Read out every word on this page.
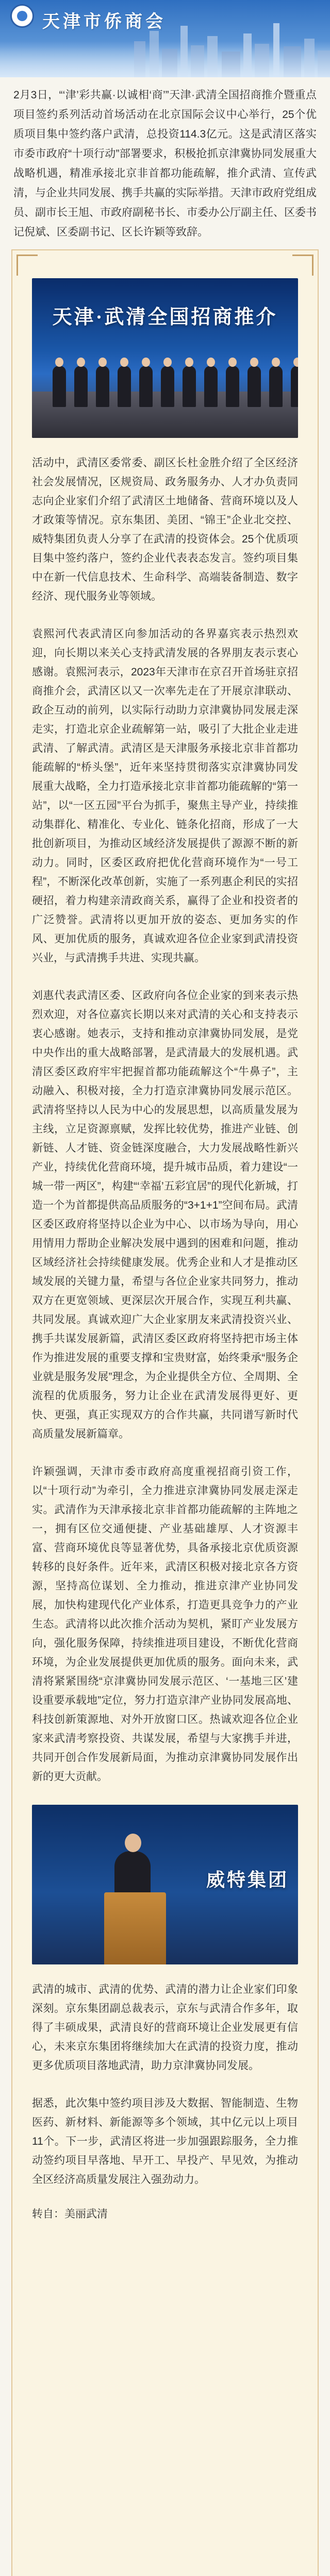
天津市侨商会
2月3日，“‘津’彩共赢·以诚相‘商’”天津·武清全国招商推介暨重点项目签约系列活动首场活动在北京国际会议中心举行，25个优质项目集中签约落户武清，总投资114.3亿元。这是武清区落实市委市政府“十项行动”部署要求，积极抢抓京津冀协同发展重大战略机遇，精准承接北京非首都功能疏解，推介武清、宣传武清，与企业共同发展、携手共赢的实际举措。天津市政府党组成员、副市长王旭、市政府副秘书长、市委办公厅副主任、区委书记倪斌、区委副书记、区长许颖等致辞。
天津·武清全国招商推介

活动中，武清区委常委、副区长杜金胜介绍了全区经济社会发展情况，区规资局、政务服务办、人才办负责同志向企业家们介绍了武清区土地储备、营商环境以及人才政策等情况。京东集团、美团、“锦王”企业北交控、威特集团负责人分享了在武清的投资体会。25个优质项目集中签约落户，签约企业代表表态发言。签约项目集中在新一代信息技术、生命科学、高端装备制造、数字经济、现代服务业等领域。

袁熙河代表武清区向参加活动的各界嘉宾表示热烈欢迎，向长期以来关心支持武清发展的各界朋友表示衷心感谢。袁熙河表示，2023年天津市在京召开首场驻京招商推介会，武清区以又一次率先走在了开展京津联动、政企互动的前列，以实际行动助力京津冀协同发展走深走实，打造北京企业疏解第一站，吸引了大批企业走进武清、了解武清。武清区是天津服务承接北京非首都功能疏解的“桥头堡”，近年来坚持贯彻落实京津冀协同发展重大战略，全力打造承接北京非首都功能疏解的“第一站”，以“一区五园”平台为抓手，聚焦主导产业，持续推动集群化、精准化、专业化、链条化招商，形成了一大批创新项目，为推动区域经济发展提供了源源不断的新动力。同时，区委区政府把优化营商环境作为“一号工程”，不断深化改革创新，实施了一系列惠企利民的实招硬招，着力构建亲清政商关系，赢得了企业和投资者的广泛赞誉。武清将以更加开放的姿态、更加务实的作风、更加优质的服务，真诚欢迎各位企业家到武清投资兴业，与武清携手共进、实现共赢。

刘惠代表武清区委、区政府向各位企业家的到来表示热烈欢迎，对各位嘉宾长期以来对武清的关心和支持表示衷心感谢。她表示，支持和推动京津冀协同发展，是党中央作出的重大战略部署，是武清最大的发展机遇。武清区委区政府牢牢把握首都功能疏解这个“牛鼻子”，主动融入、积极对接，全力打造京津冀协同发展示范区。武清将坚持以人民为中心的发展思想，以高质量发展为主线，立足资源禀赋，发挥比较优势，推进产业链、创新链、人才链、资金链深度融合，大力发展战略性新兴产业，持续优化营商环境，提升城市品质，着力建设“一城一带一两区”，构建“‘幸福’五彩宜居”的现代化新城，打造一个为首都提供高品质服务的“3+1+1”空间布局。武清区委区政府将坚持以企业为中心、以市场为导向，用心用情用力帮助企业解决发展中遇到的困难和问题，推动区域经济社会持续健康发展。优秀企业和人才是推动区域发展的关键力量，希望与各位企业家共同努力，推动双方在更宽领域、更深层次开展合作，实现互利共赢、共同发展。真诚欢迎广大企业家朋友来武清投资兴业、携手共谋发展新篇，武清区委区政府将坚持把市场主体作为推进发展的重要支撑和宝贵财富，始终秉承“服务企业就是服务发展”理念，为企业提供全方位、全周期、全流程的优质服务，努力让企业在武清发展得更好、更快、更强，真正实现双方的合作共赢，共同谱写新时代高质量发展新篇章。

许颖强调，天津市委市政府高度重视招商引资工作，以“十项行动”为牵引，全力推进京津冀协同发展走深走实。武清作为天津承接北京非首都功能疏解的主阵地之一，拥有区位交通便捷、产业基础雄厚、人才资源丰富、营商环境优良等显著优势，具备承接北京优质资源转移的良好条件。近年来，武清区积极对接北京各方资源，坚持高位谋划、全力推动，推进京津产业协同发展，加快构建现代化产业体系，打造更具竞争力的产业生态。武清将以此次推介活动为契机，紧盯产业发展方向，强化服务保障，持续推进项目建设，不断优化营商环境，为企业发展提供更加优质的服务。面向未来，武清将紧紧围绕“京津冀协同发展示范区、‘一基地三区’建设重要承载地”定位，努力打造京津产业协同发展高地、科技创新策源地、对外开放窗口区。热诚欢迎各位企业家来武清考察投资、共谋发展，希望与大家携手并进，共同开创合作发展新局面，为推动京津冀协同发展作出新的更大贡献。

威特集团

武清的城市、武清的优势、武清的潜力让企业家们印象深刻。京东集团副总裁表示，京东与武清合作多年，取得了丰硕成果，武清良好的营商环境让企业发展更有信心，未来京东集团将继续加大在武清的投资力度，推动更多优质项目落地武清，助力京津冀协同发展。

据悉，此次集中签约项目涉及大数据、智能制造、生物医药、新材料、新能源等多个领域，其中亿元以上项目11个。下一步，武清区将进一步加强跟踪服务，全力推动签约项目早落地、早开工、早投产、早见效，为推动全区经济高质量发展注入强劲动力。

转自：美丽武清
